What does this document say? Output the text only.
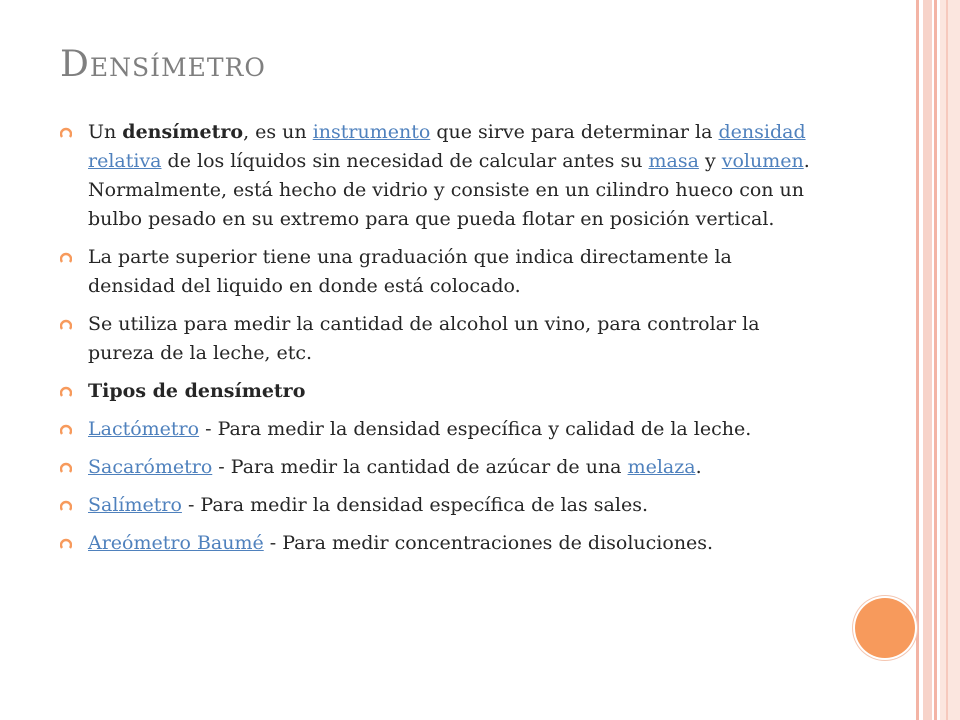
Densímetro
Un densímetro, es un instrumento que sirve para determinar la densidad relativa de los líquidos sin necesidad de calcular antes su masa y volumen. Normalmente, está hecho de vidrio y consiste en un cilindro hueco con un bulbo pesado en su extremo para que pueda flotar en posición vertical.
La parte superior tiene una graduación que indica directamente la densidad del liquido en donde está colocado.
Se utiliza para medir la cantidad de alcohol un vino, para controlar la pureza de la leche, etc.
Tipos de densímetro
Lactómetro - Para medir la densidad específica y calidad de la leche.
Sacarómetro - Para medir la cantidad de azúcar de una melaza.
Salímetro - Para medir la densidad específica de las sales.
Areómetro Baumé - Para medir concentraciones de disoluciones.
